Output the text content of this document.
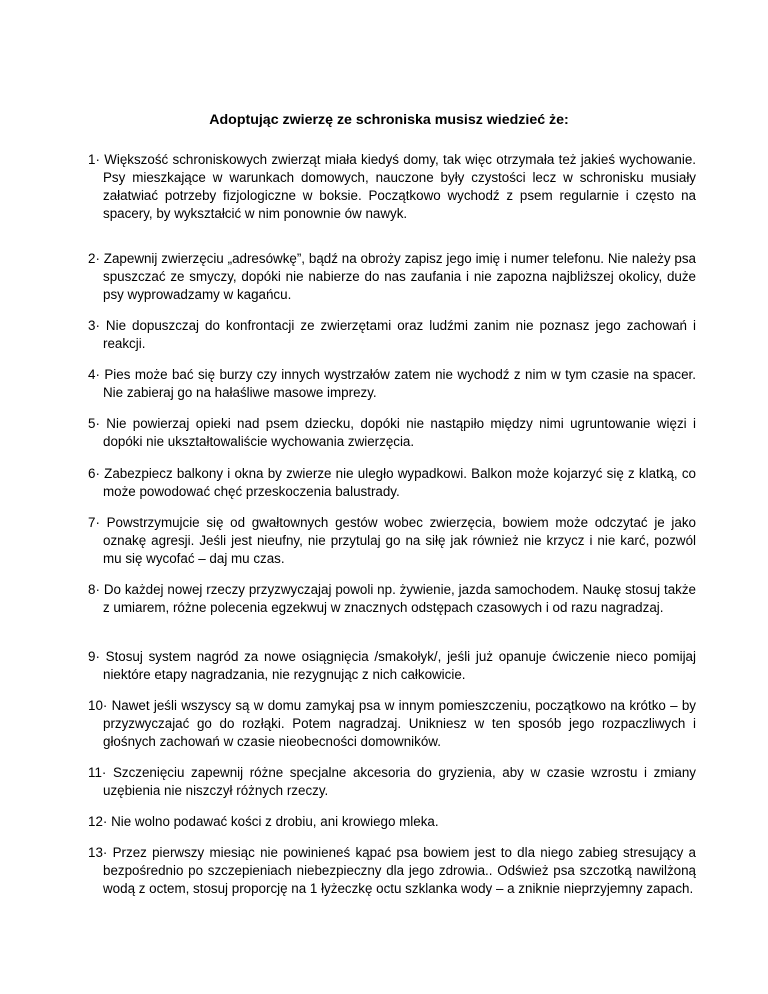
Adoptując zwierzę ze schroniska musisz wiedzieć że:

1· Większość schroniskowych zwierząt miała kiedyś domy, tak więc otrzymała też jakieś wychowanie. Psy mieszkające w warunkach domowych, nauczone były czystości lecz w schronisku musiały załatwiać potrzeby fizjologiczne w boksie. Początkowo wychodź z psem regularnie i często na spacery, by wykształcić w nim ponownie ów nawyk.

2· Zapewnij zwierzęciu „adresówkę”, bądź na obroży zapisz jego imię i numer telefonu. Nie należy psa spuszczać ze smyczy, dopóki nie nabierze do nas zaufania i nie zapozna najbliższej okolicy, duże psy wyprowadzamy w kagańcu.

3· Nie dopuszczaj do konfrontacji ze zwierzętami oraz ludźmi zanim nie poznasz jego zachowań i reakcji.

4· Pies może bać się burzy czy innych wystrzałów zatem nie wychodź z nim w tym czasie na spacer. Nie zabieraj go na hałaśliwe masowe imprezy.

5· Nie powierzaj opieki nad psem dziecku, dopóki nie nastąpiło między nimi ugruntowanie więzi i dopóki nie ukształtowaliście wychowania zwierzęcia.

6· Zabezpiecz balkony i okna by zwierze nie uległo wypadkowi. Balkon może kojarzyć się z klatką, co może powodować chęć przeskoczenia balustrady.

7· Powstrzymujcie się od gwałtownych gestów wobec zwierzęcia, bowiem może odczytać je jako oznakę agresji. Jeśli jest nieufny, nie przytulaj go na siłę jak również nie krzycz i nie karć, pozwól mu się wycofać – daj mu czas.

8· Do każdej nowej rzeczy przyzwyczajaj powoli np. żywienie, jazda samochodem. Naukę stosuj także z umiarem, różne polecenia egzekwuj w znacznych odstępach czasowych i od razu nagradzaj.

9· Stosuj system nagród za nowe osiągnięcia /smakołyk/, jeśli już opanuje ćwiczenie nieco pomijaj niektóre etapy nagradzania, nie rezygnując z nich całkowicie.

10· Nawet jeśli wszyscy są w domu zamykaj psa w innym pomieszczeniu, początkowo na krótko – by przyzwyczajać go do rozłąki. Potem nagradzaj. Unikniesz w ten sposób jego rozpaczliwych i głośnych zachowań w czasie nieobecności domowników.

11· Szczenięciu zapewnij różne specjalne akcesoria do gryzienia, aby w czasie wzrostu i zmiany uzębienia nie niszczył różnych rzeczy.

12· Nie wolno podawać kości z drobiu, ani krowiego mleka.

13· Przez pierwszy miesiąc nie powinieneś kąpać psa bowiem jest to dla niego zabieg stresujący a bezpośrednio po szczepieniach niebezpieczny dla jego zdrowia.. Odśwież psa szczotką nawilżoną wodą z octem, stosuj proporcję na 1 łyżeczkę octu szklanka wody – a zniknie nieprzyjemny zapach.
